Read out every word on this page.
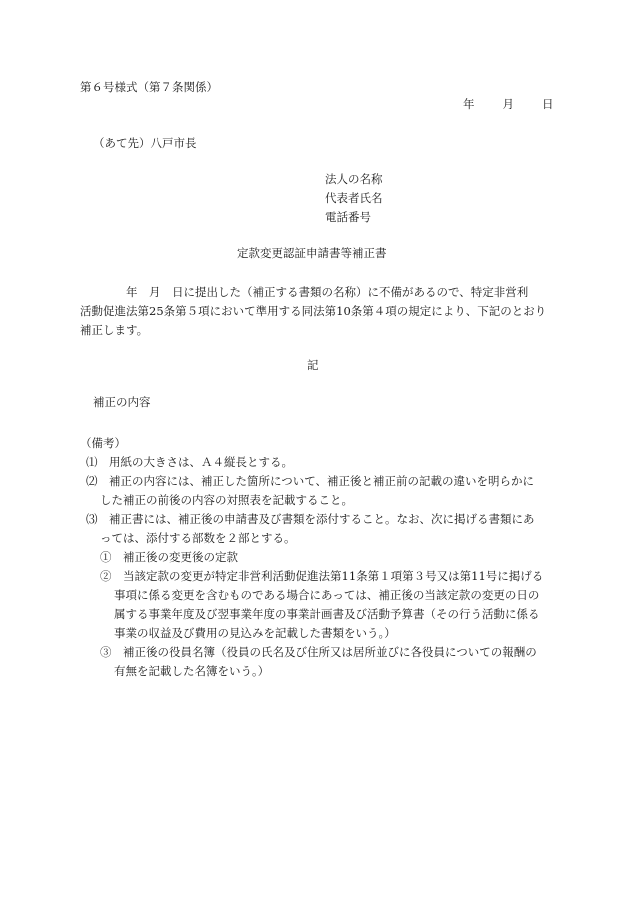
第６号様式（第７条関係）
年 月 日
（あて先）八戸市長
法人の名称
代表者氏名
電話番号
定款変更認証申請書等補正書
　　　　年　月　日に提出した（補正する書類の名称）に不備があるので、特定非営利
活動促進法第25条第５項において準用する同法第10条第４項の規定により、下記のとおり
補正します。
記
補正の内容
（備考）
⑴　用紙の大きさは、Ａ４縦長とする。
⑵　補正の内容には、補正した箇所について、補正後と補正前の記載の違いを明らかに
した補正の前後の内容の対照表を記載すること。
⑶　補正書には、補正後の申請書及び書類を添付すること。なお、次に掲げる書類にあ
っては、添付する部数を２部とする。
①　補正後の変更後の定款
②　当該定款の変更が特定非営利活動促進法第11条第１項第３号又は第11号に掲げる
事項に係る変更を含むものである場合にあっては、補正後の当該定款の変更の日の
属する事業年度及び翌事業年度の事業計画書及び活動予算書（その行う活動に係る
事業の収益及び費用の見込みを記載した書類をいう。）
③　補正後の役員名簿（役員の氏名及び住所又は居所並びに各役員についての報酬の
有無を記載した名簿をいう。）
